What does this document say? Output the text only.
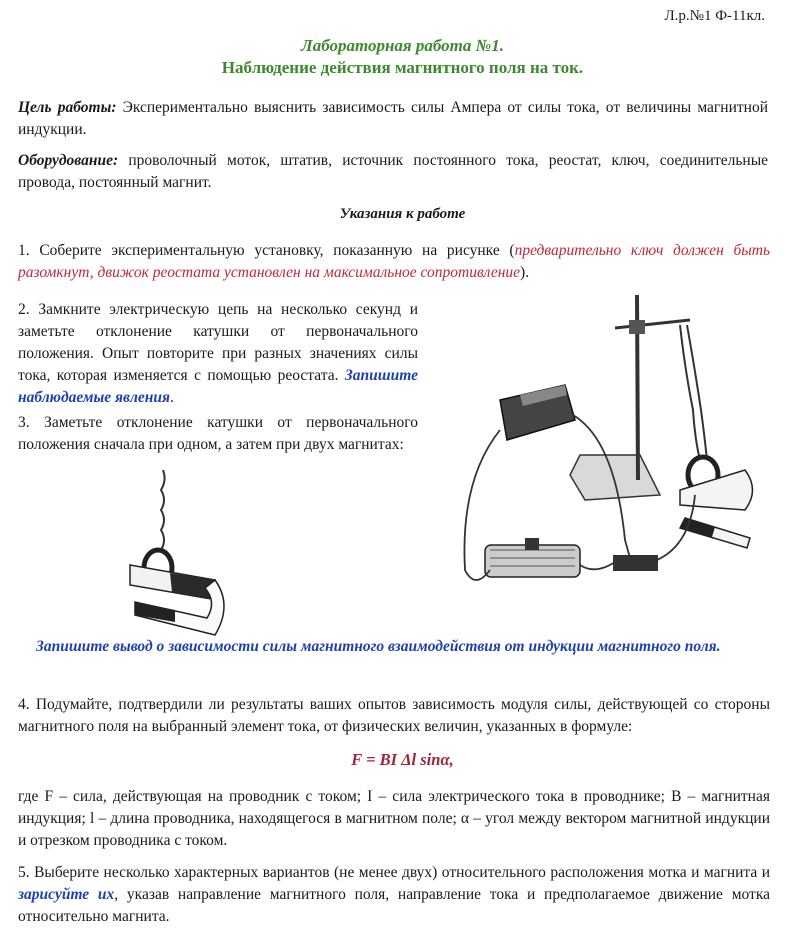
Л.р.№1 Ф-11кл.
Лабораторная работа №1.
Наблюдение действия магнитного поля на ток.
Цель работы: Экспериментально выяснить зависимость силы Ампера от силы тока, от величины магнитной индукции.
Оборудование: проволочный моток, штатив, источник постоянного тока, реостат, ключ, соединительные провода, постоянный магнит.
Указания к работе
1. Соберите экспериментальную установку, показанную на рисунке (предварительно ключ должен быть разомкнут, движок реостата установлен на максимальное сопротивление).
2. Замкните электрическую цепь на несколько секунд и заметьте отклонение катушки от первоначального положения. Опыт повторите при разных значениях силы тока, которая изменяется с помощью реостата. Запишите наблюдаемые явления.
3. Заметьте отклонение катушки от первоначального положения сначала при одном, а затем при двух магнитах:
Запишите вывод о зависимости силы магнитного взаимодействия от индукции магнитного поля.
4. Подумайте, подтвердили ли результаты ваших опытов зависимость модуля силы, действующей со стороны магнитного поля на выбранный элемент тока, от физических величин, указанных в формуле:
F = BI Δl sinα,
где F – сила, действующая на проводник с током; I – сила электрического тока в проводнике; B – магнитная индукция; l – длина проводника, находящегося в магнитном поле; α – угол между вектором магнитной индукции и отрезком проводника с током.
5. Выберите несколько характерных вариантов (не менее двух) относительного расположения мотка и магнита и зарисуйте их, указав направление магнитного поля, направление тока и предполагаемое движение мотка относительно магнита.
